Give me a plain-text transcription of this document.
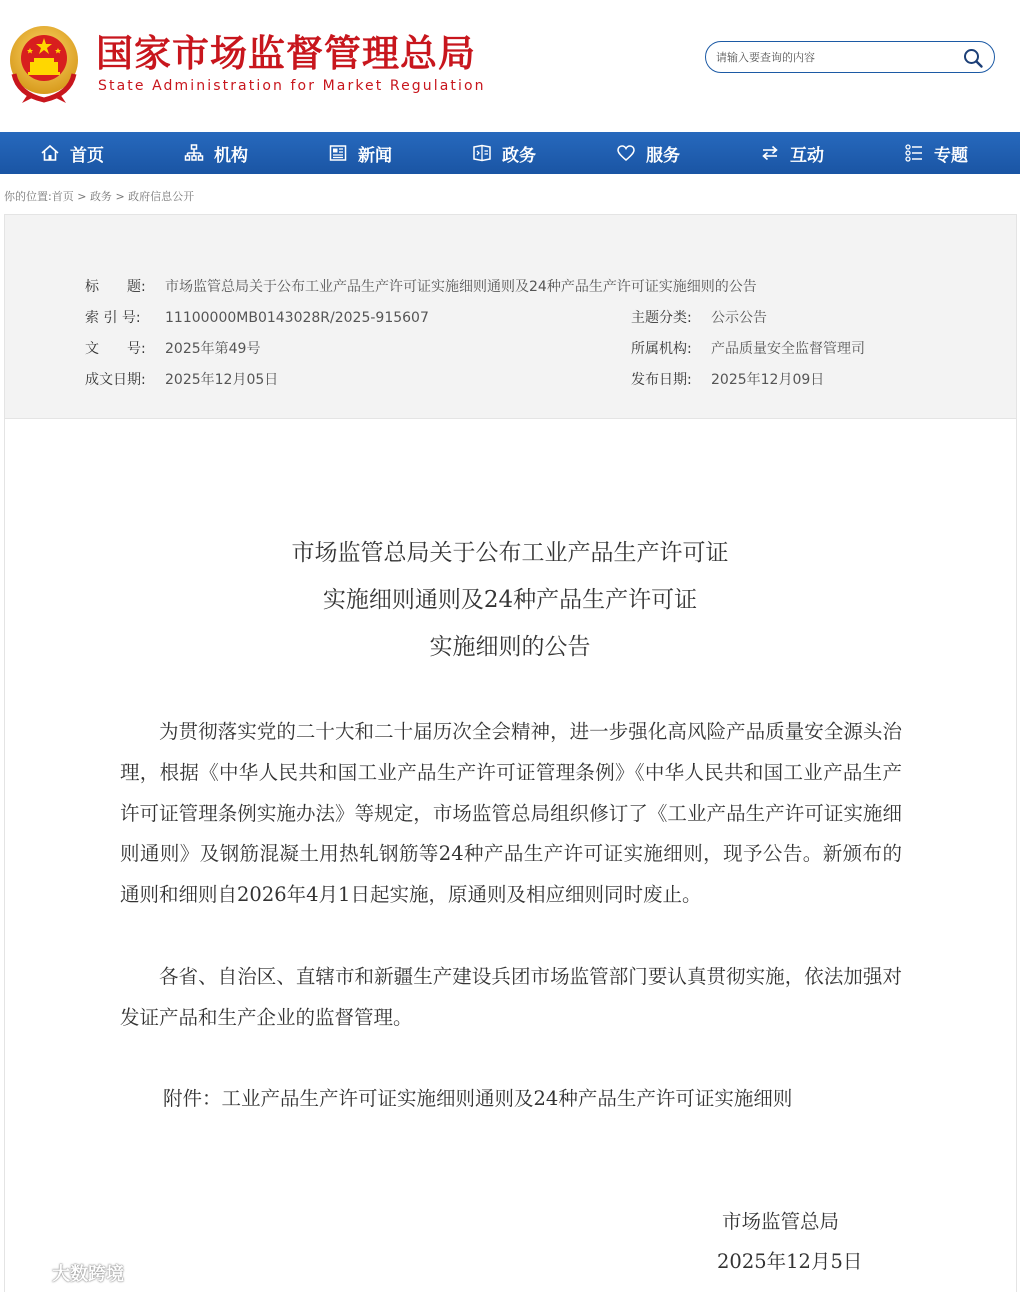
国家市场监督管理总局
State Administration for Market Regulation
请输入要查询的内容
首页	机构	新闻	政务	服务	互动	专题
你的位置:首页 > 政务 > 政府信息公开
标　　题: 市场监管总局关于公布工业产品生产许可证实施细则通则及24种产品生产许可证实施细则的公告
索 引 号: 11100000MB0143028R/2025-915607	主题分类: 公示公告
文　　号: 2025年第49号	所属机构: 产品质量安全监督管理司
成文日期: 2025年12月05日	发布日期: 2025年12月09日
市场监管总局关于公布工业产品生产许可证
实施细则通则及24种产品生产许可证
实施细则的公告

为贯彻落实党的二十大和二十届历次全会精神，进一步强化高风险产品质量安全源头治理，根据《中华人民共和国工业产品生产许可证管理条例》《中华人民共和国工业产品生产许可证管理条例实施办法》等规定，市场监管总局组织修订了《工业产品生产许可证实施细则通则》及钢筋混凝土用热轧钢筋等24种产品生产许可证实施细则，现予公告。新颁布的通则和细则自2026年4月1日起实施，原通则及相应细则同时废止。

各省、自治区、直辖市和新疆生产建设兵团市场监管部门要认真贯彻实施，依法加强对发证产品和生产企业的监督管理。

附件：工业产品生产许可证实施细则通则及24种产品生产许可证实施细则
市场监管总局
2025年12月5日
大数跨境
